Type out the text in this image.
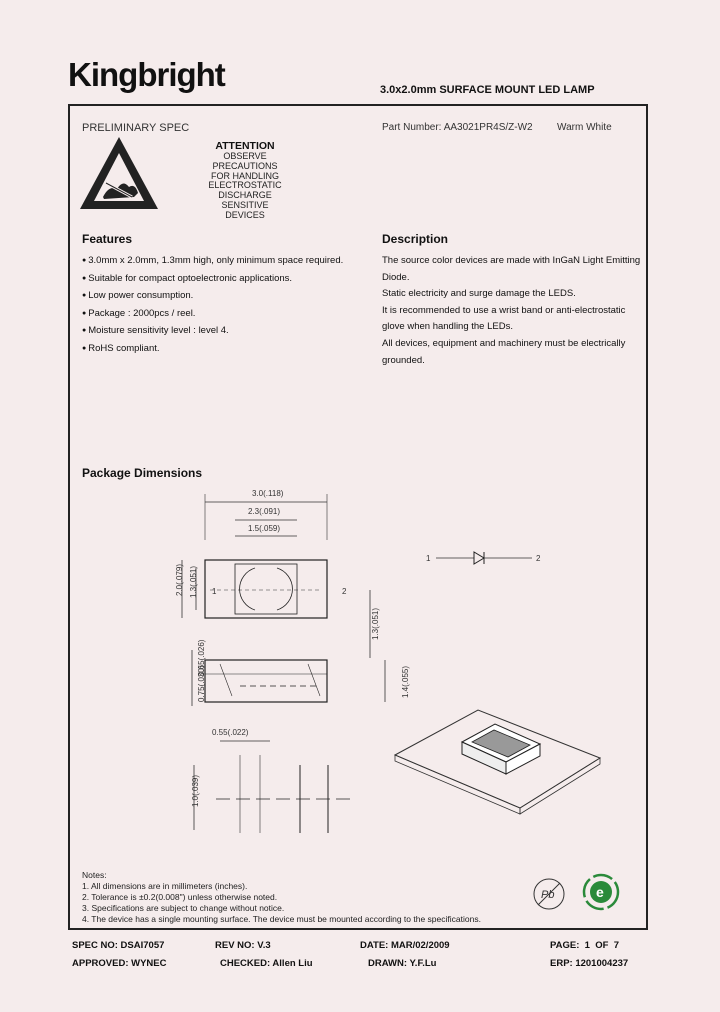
Kingbright	3.0x2.0mm SURFACE MOUNT LED LAMP
PRELIMINARY SPEC	Part Number: AA3021PR4S/Z-W2 Warm White
ATTENTION
OBSERVE PRECAUTIONS
FOR HANDLING
ELECTROSTATIC
DISCHARGE
SENSITIVE
DEVICES
Features
● 3.0mm x 2.0mm, 1.3mm high, only minimum space required.
● Suitable for compact optoelectronic applications.
● Low power consumption.
● Package : 2000pcs / reel.
● Moisture sensitivity level : level 4.
● RoHS compliant.
Description
The source color devices are made with InGaN Light Emitting
Diode.
Static electricity and surge damage the LEDS.
It is recommended to use a wrist band or anti-electrostatic
glove when handling the LEDs.
All devices, equipment and machinery must be electrically
grounded.
Package Dimensions
3.0(.118)
2.3(.091)
1.5(.059)
1	2
2.0(.079) 1.3(.051)
1.3(.051)
0.65(.026)
0.75(.030)	1.4(.055)
0.55(.022)
1.0(.039)
1	2
Notes:
1. All dimensions are in millimeters (inches).
2. Tolerance is ±0.2(0.008") unless otherwise noted.
3. Specifications are subject to change without notice.
4. The device has a single mounting surface. The device must be mounted according to the specifications.
Pb	e
SPEC NO: DSAI7057	REV NO: V.3	DATE: MAR/02/2009	PAGE:  1  OF  7
APPROVED: WYNEC	CHECKED: Allen Liu	DRAWN: Y.F.Lu	ERP: 1201004237
